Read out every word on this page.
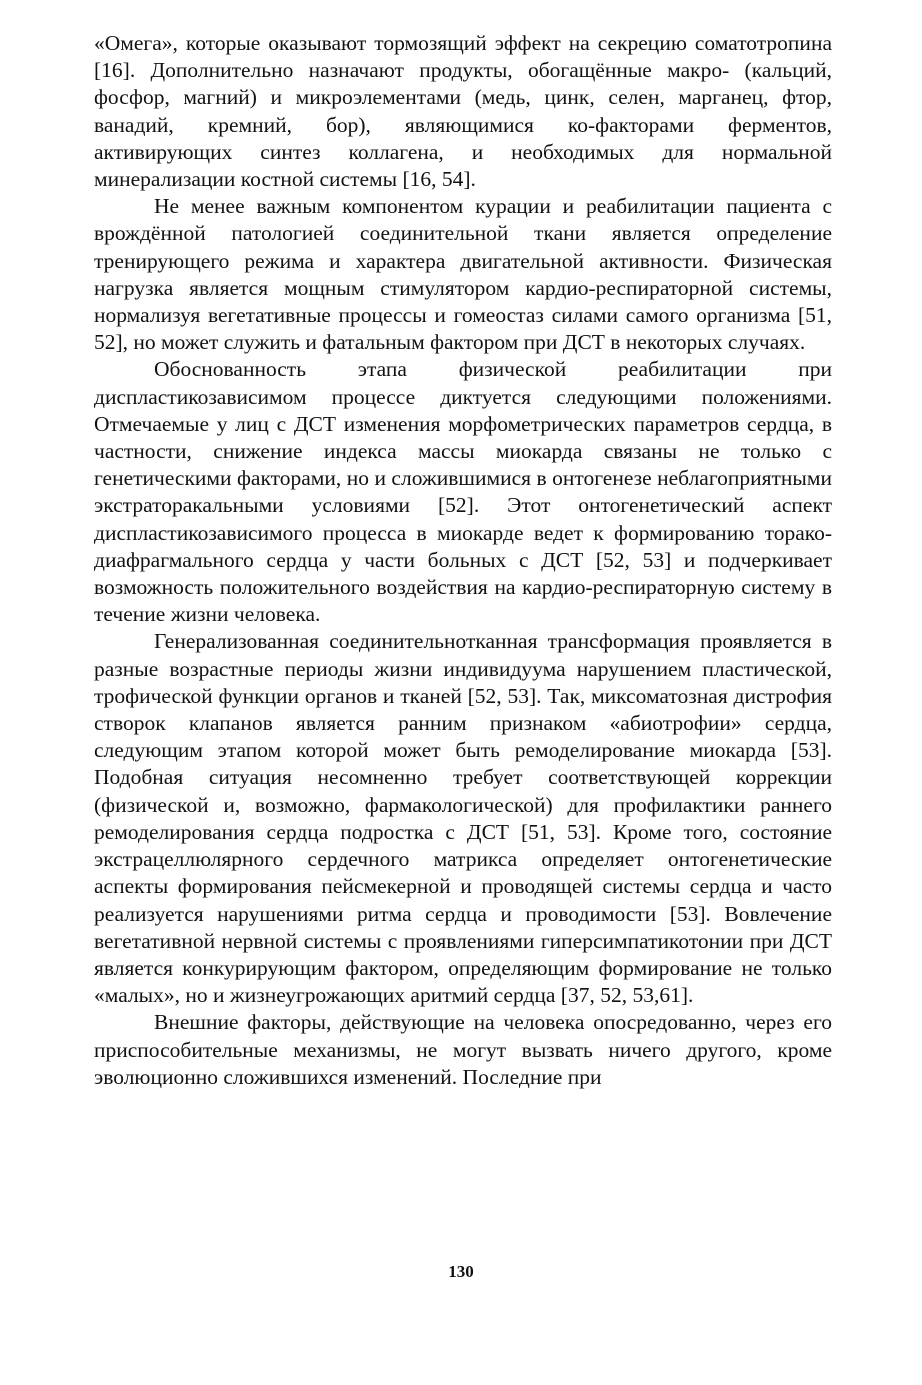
«Омега», которые оказывают тормозящий эффект на секрецию соматотропина [16]. Дополнительно назначают продукты, обогащённые макро- (кальций, фосфор, магний) и микроэлементами (медь, цинк, селен, марганец, фтор, ванадий, кремний, бор), являющимися ко-факторами ферментов, активирующих синтез коллагена, и необходимых для нормальной минерализации костной системы [16, 54].

Не менее важным компонентом курации и реабилитации пациента с врождённой патологией соединительной ткани является определение тренирующего режима и характера двигательной активности. Физическая нагрузка является мощным стимулятором кардио-респираторной системы, нормализуя вегетативные процессы и гомеостаз силами самого организма [51, 52], но может служить и фатальным фактором при ДСТ в некоторых случаях.

Обоснованность этапа физической реабилитации при диспластикозависимом процессе диктуется следующими положениями. Отмечаемые у лиц с ДСТ изменения морфометрических параметров сердца, в частности, снижение индекса массы миокарда связаны не только с генетическими факторами, но и сложившимися в онтогенезе неблагоприятными экстраторакальными условиями [52]. Этот онтогенетический аспект диспластикозависимого процесса в миокарде ведет к формированию торако-диафрагмального сердца у части больных с ДСТ [52, 53] и подчеркивает возможность положительного воздействия на кардио-респираторную систему в течение жизни человека.

Генерализованная соединительнотканная трансформация проявляется в разные возрастные периоды жизни индивидуума нарушением пластической, трофической функции органов и тканей [52, 53]. Так, миксоматозная дистрофия створок клапанов является ранним признаком «абиотрофии» сердца, следующим этапом которой может быть ремоделирование миокарда [53]. Подобная ситуация несомненно требует соответствующей коррекции (физической и, возможно, фармакологической) для профилактики раннего ремоделирования сердца подростка с ДСТ [51, 53]. Кроме того, состояние экстрацеллюлярного сердечного матрикса определяет онтогенетические аспекты формирования пейсмекерной и проводящей системы сердца и часто реализуется нарушениями ритма сердца и проводимости [53]. Вовлечение вегетативной нервной системы с проявлениями гиперсимпатикотонии при ДСТ является конкурирующим фактором, определяющим формирование не только «малых», но и жизнеугрожающих аритмий сердца [37, 52, 53,61].

Внешние факторы, действующие на человека опосредованно, через его приспособительные механизмы, не могут вызвать ничего другого, кроме эволюционно сложившихся изменений. Последние при

130
